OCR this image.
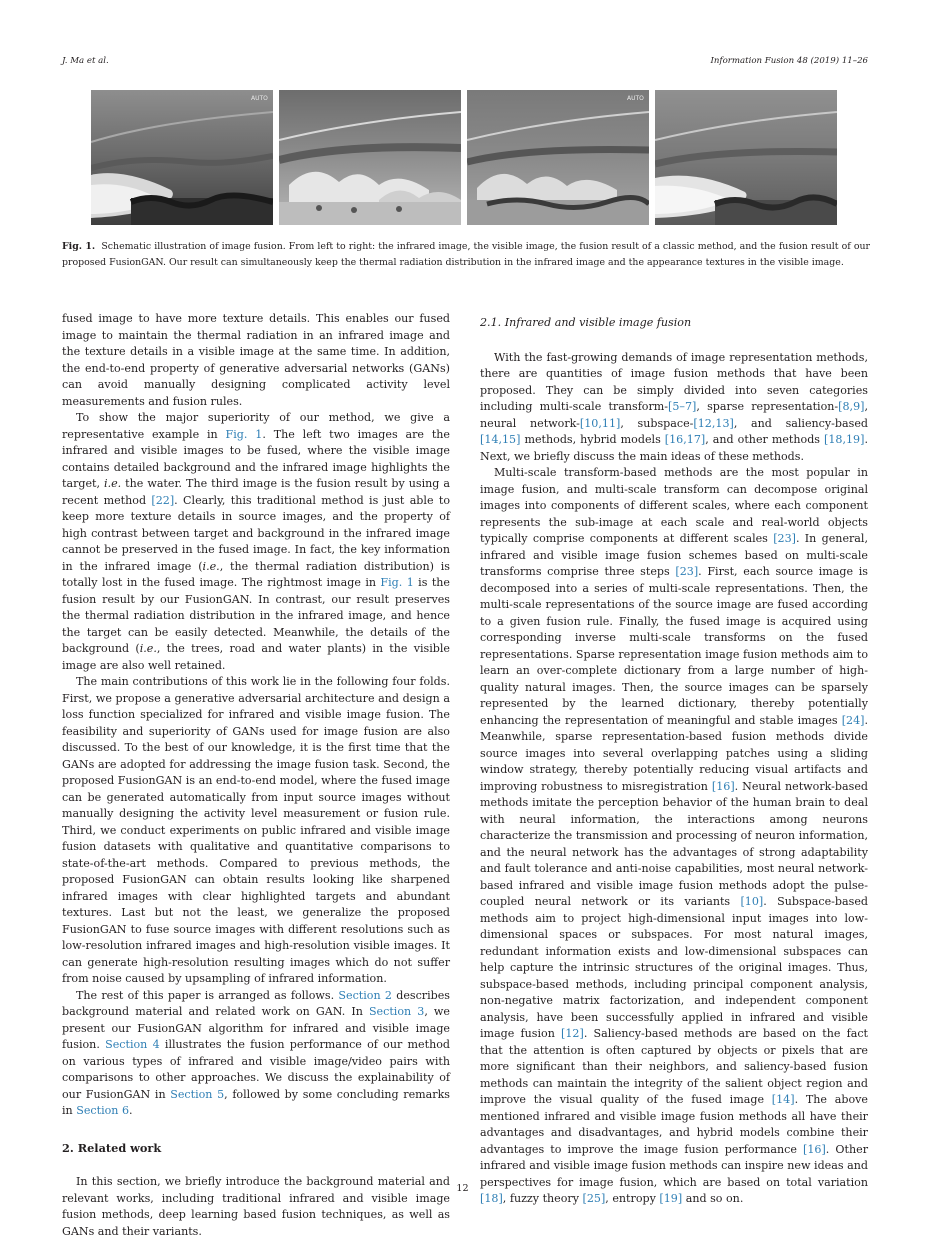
J. Ma et al.	Information Fusion 48 (2019) 11–26
AUTO	AUTO
Fig. 1. Schematic illustration of image fusion. From left to right: the infrared image, the visible image, the fusion result of a classic method, and the fusion result of our proposed FusionGAN. Our result can simultaneously keep the thermal radiation distribution in the infrared image and the appearance textures in the visible image.

fused image to have more texture details. This enables our fused image to maintain the thermal radiation in an infrared image and the texture details in a visible image at the same time. In addition, the end-to-end property of generative adversarial networks (GANs) can avoid manually designing complicated activity level measurements and fusion rules.

To show the major superiority of our method, we give a representative example in Fig. 1. The left two images are the infrared and visible images to be fused, where the visible image contains detailed background and the infrared image highlights the target, i.e. the water. The third image is the fusion result by using a recent method [22]. Clearly, this traditional method is just able to keep more texture details in source images, and the property of high contrast between target and background in the infrared image cannot be preserved in the fused image. In fact, the key information in the infrared image (i.e., the thermal radiation distribution) is totally lost in the fused image. The rightmost image in Fig. 1 is the fusion result by our FusionGAN. In contrast, our result preserves the thermal radiation distribution in the infrared image, and hence the target can be easily detected. Meanwhile, the details of the background (i.e., the trees, road and water plants) in the visible image are also well retained.

The main contributions of this work lie in the following four folds. First, we propose a generative adversarial architecture and design a loss function specialized for infrared and visible image fusion. The feasibility and superiority of GANs used for image fusion are also discussed. To the best of our knowledge, it is the first time that the GANs are adopted for addressing the image fusion task. Second, the proposed FusionGAN is an end-to-end model, where the fused image can be generated automatically from input source images without manually designing the activity level measurement or fusion rule. Third, we conduct experiments on public infrared and visible image fusion datasets with qualitative and quantitative comparisons to state-of-the-art methods. Compared to previous methods, the proposed FusionGAN can obtain results looking like sharpened infrared images with clear highlighted targets and abundant textures. Last but not the least, we generalize the proposed FusionGAN to fuse source images with different resolutions such as low-resolution infrared images and high-resolution visible images. It can generate high-resolution resulting images which do not suffer from noise caused by upsampling of infrared information.

The rest of this paper is arranged as follows. Section 2 describes background material and related work on GAN. In Section 3, we present our FusionGAN algorithm for infrared and visible image fusion. Section 4 illustrates the fusion performance of our method on various types of infrared and visible image/video pairs with comparisons to other approaches. We discuss the explainability of our FusionGAN in Section 5, followed by some concluding remarks in Section 6.

2. Related work

In this section, we briefly introduce the background material and relevant works, including traditional infrared and visible image fusion methods, deep learning based fusion techniques, as well as GANs and their variants.

2.1. Infrared and visible image fusion

With the fast-growing demands of image representation methods, there are quantities of image fusion methods that have been proposed. They can be simply divided into seven categories including multi-scale transform-[5–7], sparse representation-[8,9], neural network-[10,11], subspace-[12,13], and saliency-based [14,15] methods, hybrid models [16,17], and other methods [18,19]. Next, we briefly discuss the main ideas of these methods.

Multi-scale transform-based methods are the most popular in image fusion, and multi-scale transform can decompose original images into components of different scales, where each component represents the sub-image at each scale and real-world objects typically comprise components at different scales [23]. In general, infrared and visible image fusion schemes based on multi-scale transforms comprise three steps [23]. First, each source image is decomposed into a series of multi-scale representations. Then, the multi-scale representations of the source image are fused according to a given fusion rule. Finally, the fused image is acquired using corresponding inverse multi-scale transforms on the fused representations. Sparse representation image fusion methods aim to learn an over-complete dictionary from a large number of high-quality natural images. Then, the source images can be sparsely represented by the learned dictionary, thereby potentially enhancing the representation of meaningful and stable images [24]. Meanwhile, sparse representation-based fusion methods divide source images into several overlapping patches using a sliding window strategy, thereby potentially reducing visual artifacts and improving robustness to misregistration [16]. Neural network-based methods imitate the perception behavior of the human brain to deal with neural information, the interactions among neurons characterize the transmission and processing of neuron information, and the neural network has the advantages of strong adaptability and fault tolerance and anti-noise capabilities, most neural network-based infrared and visible image fusion methods adopt the pulse-coupled neural network or its variants [10]. Subspace-based methods aim to project high-dimensional input images into low-dimensional spaces or subspaces. For most natural images, redundant information exists and low-dimensional subspaces can help capture the intrinsic structures of the original images. Thus, subspace-based methods, including principal component analysis, non-negative matrix factorization, and independent component analysis, have been successfully applied in infrared and visible image fusion [12]. Saliency-based methods are based on the fact that the attention is often captured by objects or pixels that are more significant than their neighbors, and saliency-based fusion methods can maintain the integrity of the salient object region and improve the visual quality of the fused image [14]. The above mentioned infrared and visible image fusion methods all have their advantages and disadvantages, and hybrid models combine their advantages to improve the image fusion performance [16]. Other infrared and visible image fusion methods can inspire new ideas and perspectives for image fusion, which are based on total variation [18], fuzzy theory [25], entropy [19] and so on.

12
